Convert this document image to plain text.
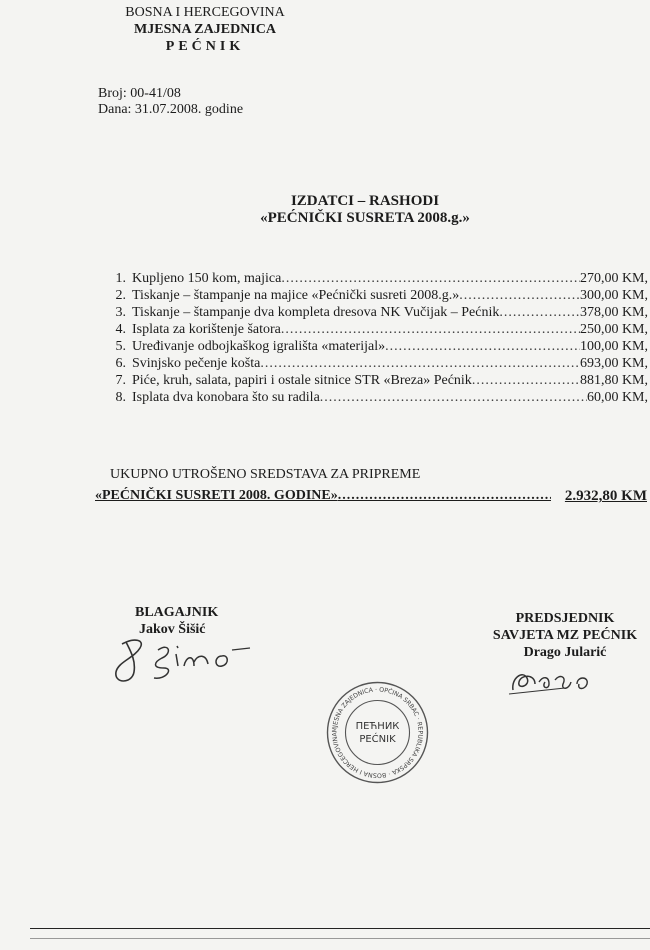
BOSNA I HERCEGOVINA
MJESNA ZAJEDNICA
PEĆNIK
Broj: 00-41/08
Dana: 31.07.2008. godine
IZDATCI – RASHODI
«PEĆNIČKI SUSRETA 2008.g.»
1. Kupljeno 150 kom, majica .....	270,00 KM,
2. Tiskanje – štampanje na majice «Pećnički susreti 2008.g.» .....	300,00 KM,
3. Tiskanje – štampanje dva kompleta dresova NK Vučijak – Pećnik .....	378,00 KM,
4. Isplata za korištenje šatora .....	250,00 KM,
5. Uređivanje odbojkaškog igrališta «materijal» .....	100,00 KM,
6. Svinjsko pečenje košta .....	693,00 KM,
7. Piće, kruh, salata, papiri i ostale sitnice STR «Breza» Pećnik .....	881,80 KM,
8. Isplata dva konobara što su radila .....	60,00 KM,
UKUPNO UTROŠENO SREDSTAVA ZA PRIPREME
«PEĆNIČKI SUSRETI 2008. GODINE» .....	2.932,80 KM
BLAGAJNIK
Jakov Šišić
PREDSJEDNIK
SAVJETA MZ PEĆNIK
Drago Jularić
MJESNA ZAJEDNICA · OPĆINA SRBAC · REPUBLIKA SRPSKA · BOSNA I HERCEGOVINA
ПЕЋНИК
PEĆNIK
